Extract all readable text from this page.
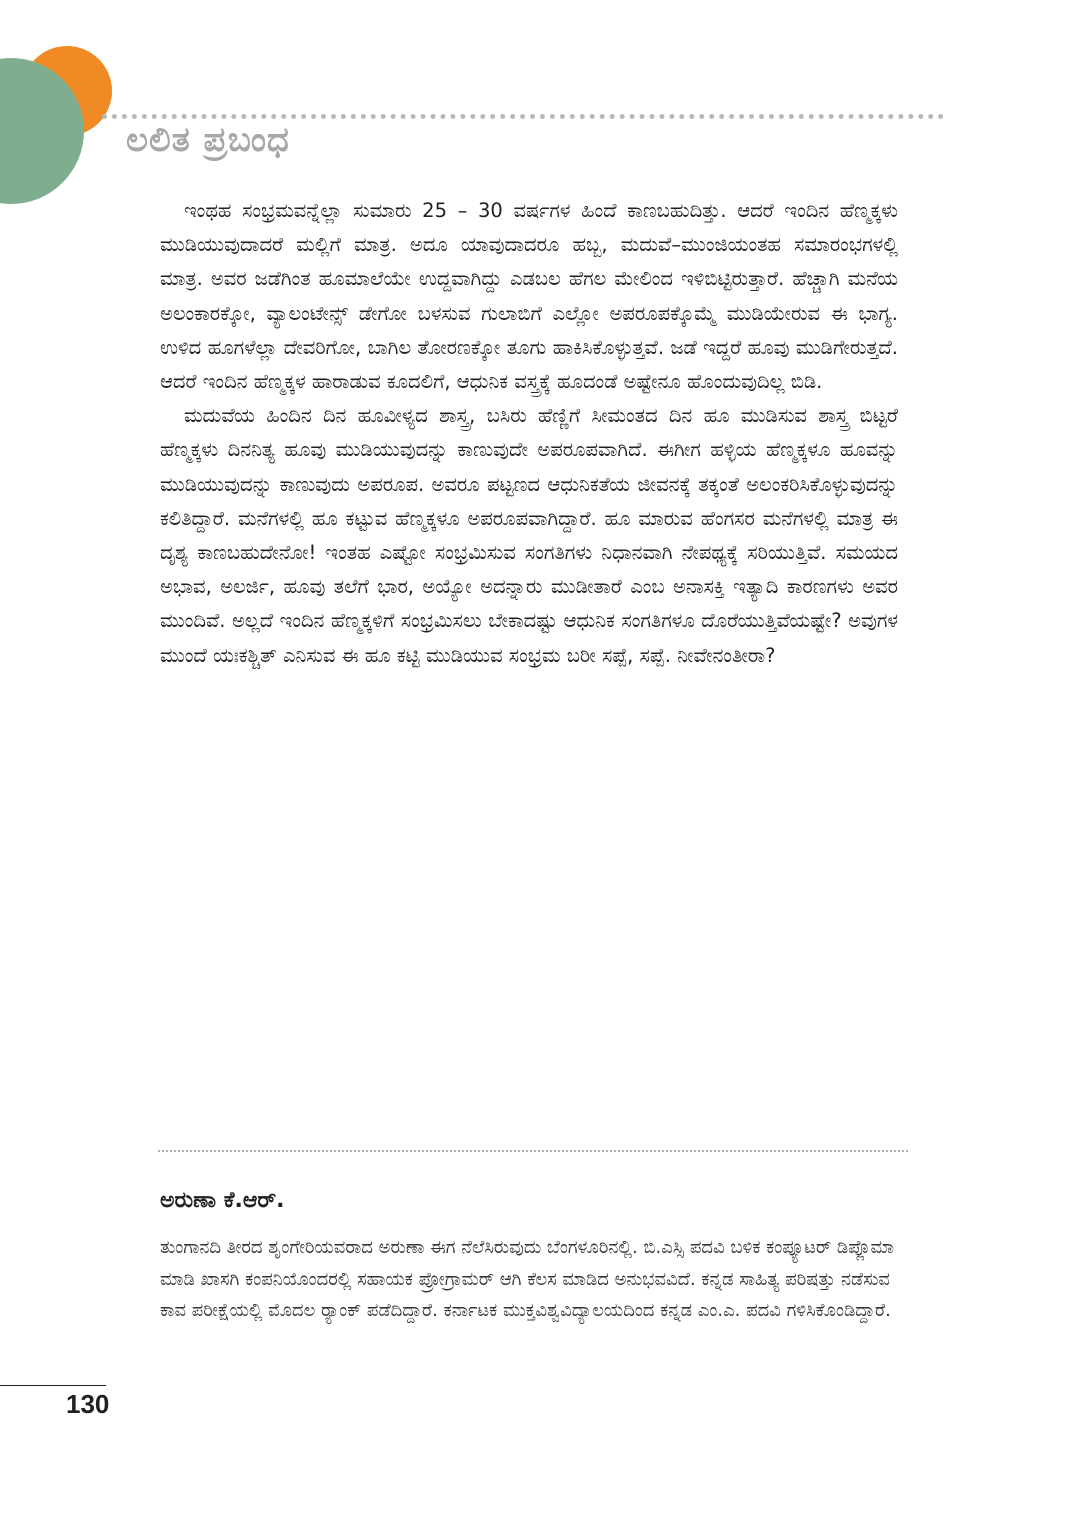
ಲಲಿತ ಪ್ರಬಂಧ

ಇಂಥಹ ಸಂಭ್ರಮವನ್ನೆಲ್ಲಾ ಸುಮಾರು 25 – 30 ವರ್ಷಗಳ ಹಿಂದೆ ಕಾಣಬಹುದಿತ್ತು. ಆದರೆ ಇಂದಿನ ಹೆಣ್ಮಕ್ಕಳು ಮುಡಿಯುವುದಾದರೆ ಮಲ್ಲಿಗೆ ಮಾತ್ರ. ಅದೂ ಯಾವುದಾದರೂ ಹಬ್ಬ, ಮದುವೆ–ಮುಂಜಿಯಂತಹ ಸಮಾರಂಭಗಳಲ್ಲಿ ಮಾತ್ರ. ಅವರ ಜಡೆಗಿಂತ ಹೂಮಾಲೆಯೇ ಉದ್ದವಾಗಿದ್ದು ಎಡಬಲ ಹೆಗಲ ಮೇಲಿಂದ ಇಳಿಬಿಟ್ಟಿರುತ್ತಾರೆ. ಹೆಚ್ಚಾಗಿ ಮನೆಯ ಅಲಂಕಾರಕ್ಕೋ, ವ್ಯಾಲಂಟೇನ್ಸ್ ಡೇಗೋ ಬಳಸುವ ಗುಲಾಬಿಗೆ ಎಲ್ಲೋ ಅಪರೂಪಕ್ಕೊಮ್ಮೆ ಮುಡಿಯೇರುವ ಈ ಭಾಗ್ಯ. ಉಳಿದ ಹೂಗಳೆಲ್ಲಾ ದೇವರಿಗೋ, ಬಾಗಿಲ ತೋರಣಕ್ಕೋ ತೂಗು ಹಾಕಿಸಿಕೊಳ್ಳುತ್ತವೆ. ಜಡೆ ಇದ್ದರೆ ಹೂವು ಮುಡಿಗೇರುತ್ತದೆ. ಆದರೆ ಇಂದಿನ ಹೆಣ್ಮಕ್ಕಳ ಹಾರಾಡುವ ಕೂದಲಿಗೆ, ಆಧುನಿಕ ವಸ್ತ್ರಕ್ಕೆ ಹೂದಂಡೆ ಅಷ್ಟೇನೂ ಹೊಂದುವುದಿಲ್ಲ ಬಿಡಿ.

ಮದುವೆಯ ಹಿಂದಿನ ದಿನ ಹೂವೀಳ್ಯದ ಶಾಸ್ತ್ರ, ಬಸಿರು ಹೆಣ್ಣಿಗೆ ಸೀಮಂತದ ದಿನ ಹೂ ಮುಡಿಸುವ ಶಾಸ್ತ್ರ ಬಿಟ್ಟರೆ ಹೆಣ್ಮಕ್ಕಳು ದಿನನಿತ್ಯ ಹೂವು ಮುಡಿಯುವುದನ್ನು ಕಾಣುವುದೇ ಅಪರೂಪವಾಗಿದೆ. ಈಗೀಗ ಹಳ್ಳಿಯ ಹೆಣ್ಮಕ್ಕಳೂ ಹೂವನ್ನು ಮುಡಿಯುವುದನ್ನು ಕಾಣುವುದು ಅಪರೂಪ. ಅವರೂ ಪಟ್ಟಣದ ಆಧುನಿಕತೆಯ ಜೀವನಕ್ಕೆ ತಕ್ಕಂತೆ ಅಲಂಕರಿಸಿಕೊಳ್ಳುವುದನ್ನು ಕಲಿತಿದ್ದಾರೆ. ಮನೆಗಳಲ್ಲಿ ಹೂ ಕಟ್ಟುವ ಹೆಣ್ಮಕ್ಕಳೂ ಅಪರೂಪವಾಗಿದ್ದಾರೆ. ಹೂ ಮಾರುವ ಹೆಂಗಸರ ಮನೆಗಳಲ್ಲಿ ಮಾತ್ರ ಈ ದೃಶ್ಯ ಕಾಣಬಹುದೇನೋ! ಇಂತಹ ಎಷ್ಟೋ ಸಂಭ್ರಮಿಸುವ ಸಂಗತಿಗಳು ನಿಧಾನವಾಗಿ ನೇಪಥ್ಯಕ್ಕೆ ಸರಿಯುತ್ತಿವೆ. ಸಮಯದ ಅಭಾವ, ಅಲರ್ಜಿ, ಹೂವು ತಲೆಗೆ ಭಾರ, ಅಯ್ಯೋ ಅದನ್ನಾರು ಮುಡೀತಾರೆ ಎಂಬ ಅನಾಸಕ್ತಿ ಇತ್ಯಾದಿ ಕಾರಣಗಳು ಅವರ ಮುಂದಿವೆ. ಅಲ್ಲದೆ ಇಂದಿನ ಹೆಣ್ಮಕ್ಕಳಿಗೆ ಸಂಭ್ರಮಿಸಲು ಬೇಕಾದಷ್ಟು ಆಧುನಿಕ ಸಂಗತಿಗಳೂ ದೊರೆಯುತ್ತಿವೆಯಷ್ಟೇ? ಅವುಗಳ ಮುಂದೆ ಯಃಕಶ್ಚಿತ್ ಎನಿಸುವ ಈ ಹೂ ಕಟ್ಟಿ ಮುಡಿಯುವ ಸಂಭ್ರಮ ಬರೀ ಸಪ್ಪೆ, ಸಪ್ಪೆ. ನೀವೇನಂತೀರಾ?

ಅರುಣಾ ಕೆ.ಆರ್.

ತುಂಗಾನದಿ ತೀರದ ಶೃಂಗೇರಿಯವರಾದ ಅರುಣಾ ಈಗ ನೆಲೆಸಿರುವುದು ಬೆಂಗಳೂರಿನಲ್ಲಿ. ಬಿ.ಎಸ್ಸಿ ಪದವಿ ಬಳಿಕ ಕಂಪ್ಯೂಟರ್ ಡಿಪ್ಲೊಮಾ ಮಾಡಿ ಖಾಸಗಿ ಕಂಪನಿಯೊಂದರಲ್ಲಿ ಸಹಾಯಕ ಪ್ರೋಗ್ರಾಮರ್ ಆಗಿ ಕೆಲಸ ಮಾಡಿದ ಅನುಭವವಿದೆ. ಕನ್ನಡ ಸಾಹಿತ್ಯ ಪರಿಷತ್ತು ನಡೆಸುವ ಕಾವ ಪರೀಕ್ಷೆಯಲ್ಲಿ ಮೊದಲ ರ್‍ಯಾಂಕ್ ಪಡೆದಿದ್ದಾರೆ. ಕರ್ನಾಟಕ ಮುಕ್ತವಿಶ್ವವಿದ್ಯಾಲಯದಿಂದ ಕನ್ನಡ ಎಂ.ಎ. ಪದವಿ ಗಳಿಸಿಕೊಂಡಿದ್ದಾರೆ.

130
